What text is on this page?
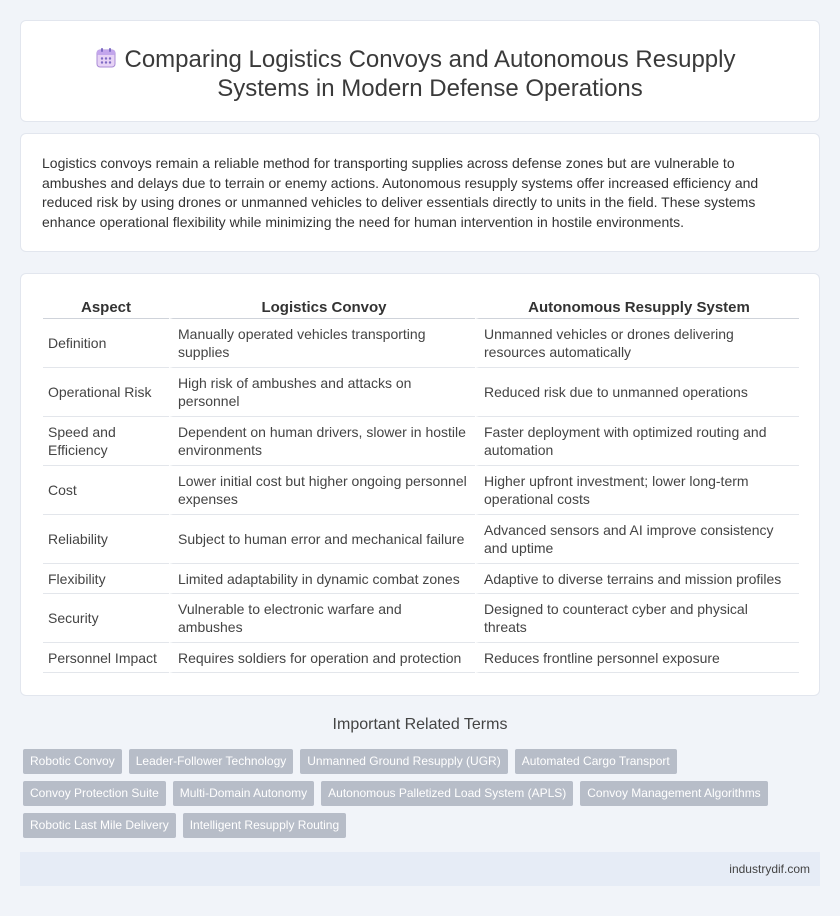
Comparing Logistics Convoys and Autonomous Resupply Systems in Modern Defense Operations

Logistics convoys remain a reliable method for transporting supplies across defense zones but are vulnerable to ambushes and delays due to terrain or enemy actions. Autonomous resupply systems offer increased efficiency and reduced risk by using drones or unmanned vehicles to deliver essentials directly to units in the field. These systems enhance operational flexibility while minimizing the need for human intervention in hostile environments.

Aspect	Logistics Convoy	Autonomous Resupply System
Definition	Manually operated vehicles transporting supplies	Unmanned vehicles or drones delivering resources automatically
Operational Risk	High risk of ambushes and attacks on personnel	Reduced risk due to unmanned operations
Speed and Efficiency	Dependent on human drivers, slower in hostile environments	Faster deployment with optimized routing and automation
Cost	Lower initial cost but higher ongoing personnel expenses	Higher upfront investment; lower long-term operational costs
Reliability	Subject to human error and mechanical failure	Advanced sensors and AI improve consistency and uptime
Flexibility	Limited adaptability in dynamic combat zones	Adaptive to diverse terrains and mission profiles
Security	Vulnerable to electronic warfare and ambushes	Designed to counteract cyber and physical threats
Personnel Impact	Requires soldiers for operation and protection	Reduces frontline personnel exposure
Important Related Terms
Robotic Convoy Leader-Follower Technology Unmanned Ground Resupply (UGR) Automated Cargo Transport
Convoy Protection Suite Multi-Domain Autonomy Autonomous Palletized Load System (APLS) Convoy Management Algorithms
Robotic Last Mile Delivery Intelligent Resupply Routing
industrydif.com
